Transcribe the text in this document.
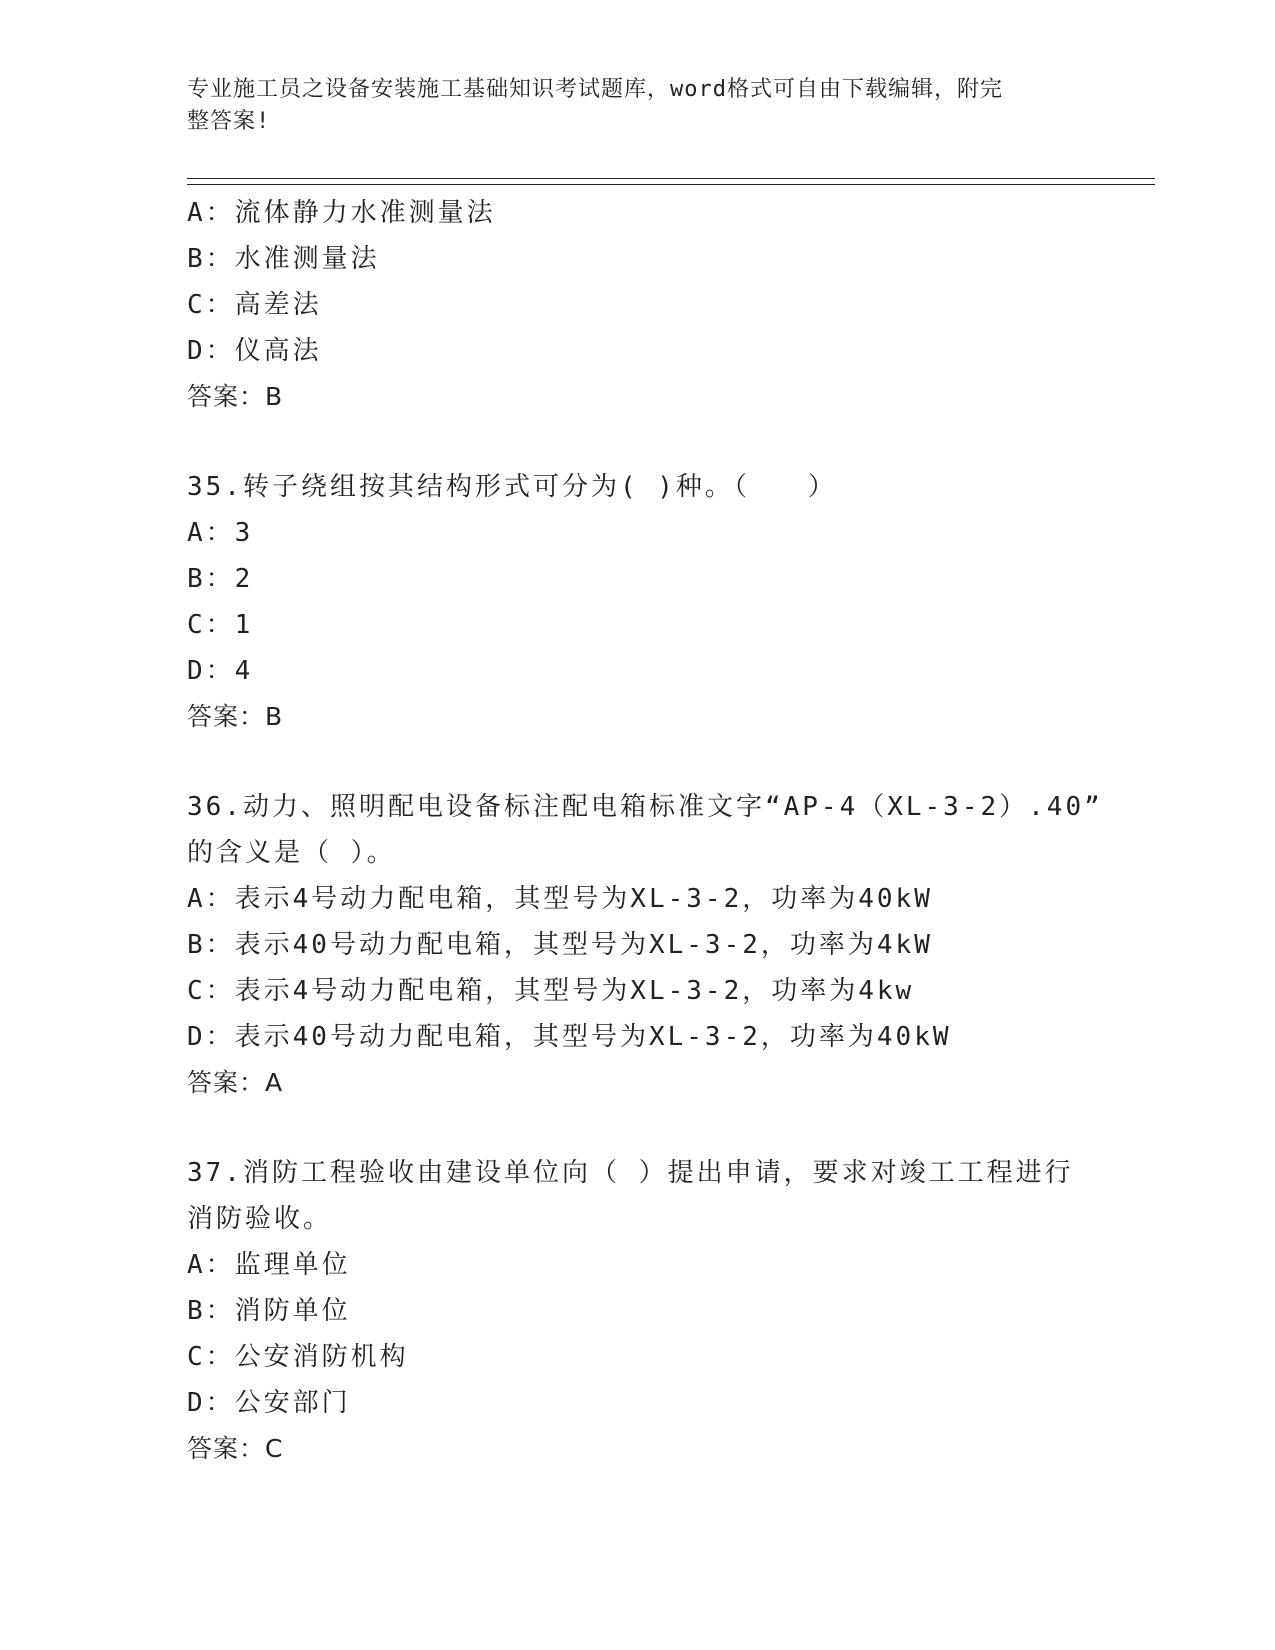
专业施工员之设备安装施工基础知识考试题库，word格式可自由下载编辑，附完
整答案!
A：流体静力水准测量法
B：水准测量法
C：高差法
D：仪高法
答案：B
35.转子绕组按其结构形式可分为( )种。（　　）
A：3
B：2
C：1
D：4
答案：B
36.动力、照明配电设备标注配电箱标准文字“AP-4（XL-3-2）.40”
的含义是（ ）。
A：表示4号动力配电箱，其型号为XL-3-2，功率为40kW
B：表示40号动力配电箱，其型号为XL-3-2，功率为4kW
C：表示4号动力配电箱，其型号为XL-3-2，功率为4kw
D：表示40号动力配电箱，其型号为XL-3-2，功率为40kW
答案：A
37.消防工程验收由建设单位向（ ）提出申请，要求对竣工工程进行
消防验收。
A：监理单位
B：消防单位
C：公安消防机构
D：公安部门
答案：C
